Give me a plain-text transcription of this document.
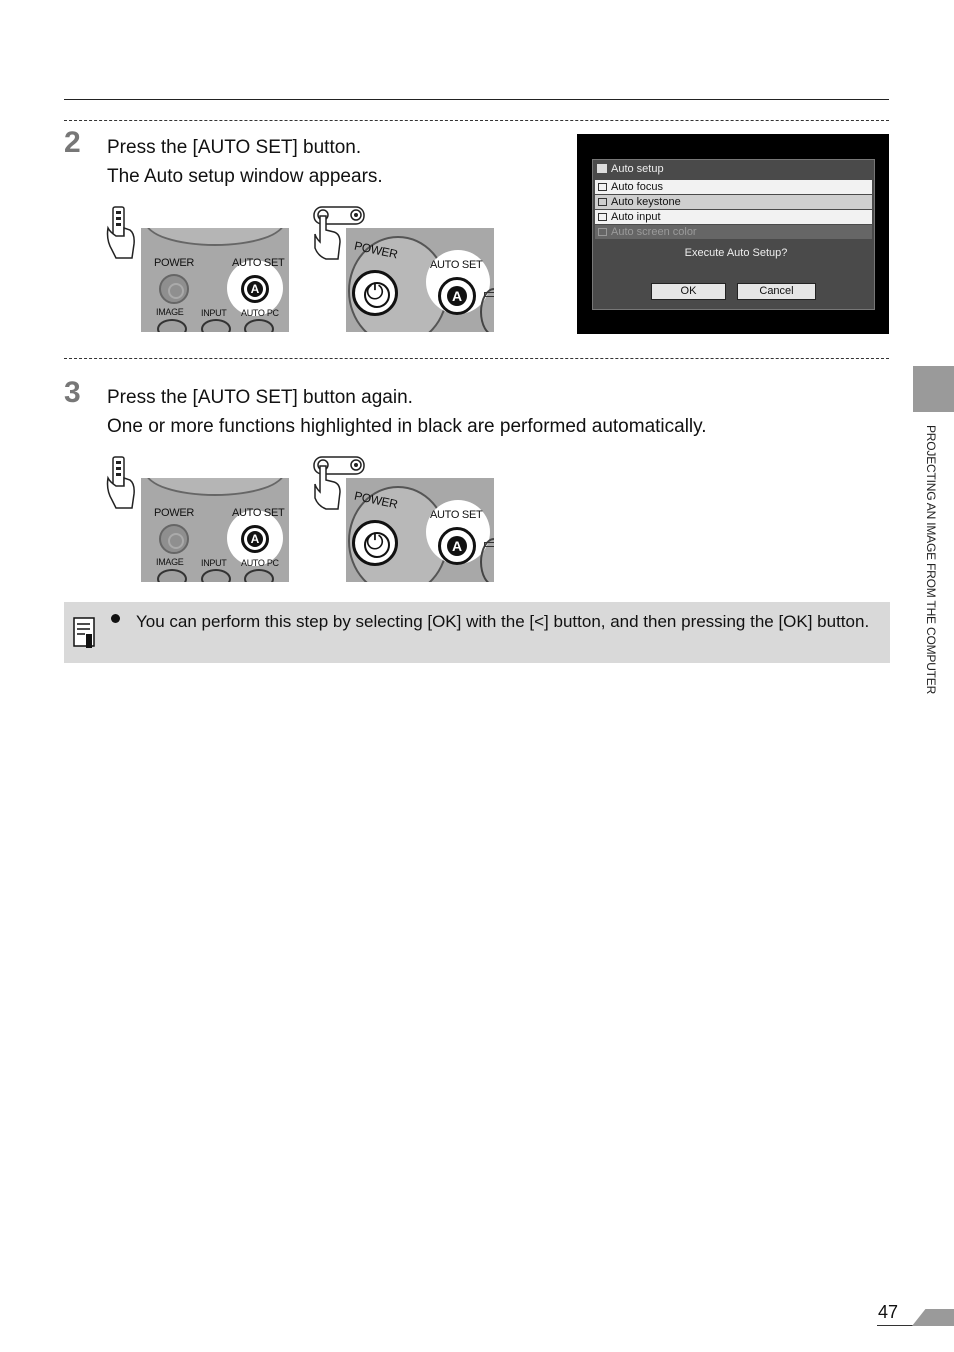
2 Press the [AUTO SET] button.
The Auto setup window appears.
POWER	AUTO SET
A
IMAGE INPUT AUTO PC
POWER
⏻
AUTO SET
A
Auto setup
Auto focus
Auto keystone
Auto input
Auto screen color
Execute Auto Setup?
OK	Cancel
3 Press the [AUTO SET] button again.
One or more functions highlighted in black are performed automatically.
POWER	AUTO SET
A
IMAGE INPUT AUTO PC
POWER
⏻
AUTO SET
A
You can perform this step by selecting [OK] with the [<] button, and then pressing the [OK] button.	PROJECTING AN IMAGE FROM THE COMPUTER
47
